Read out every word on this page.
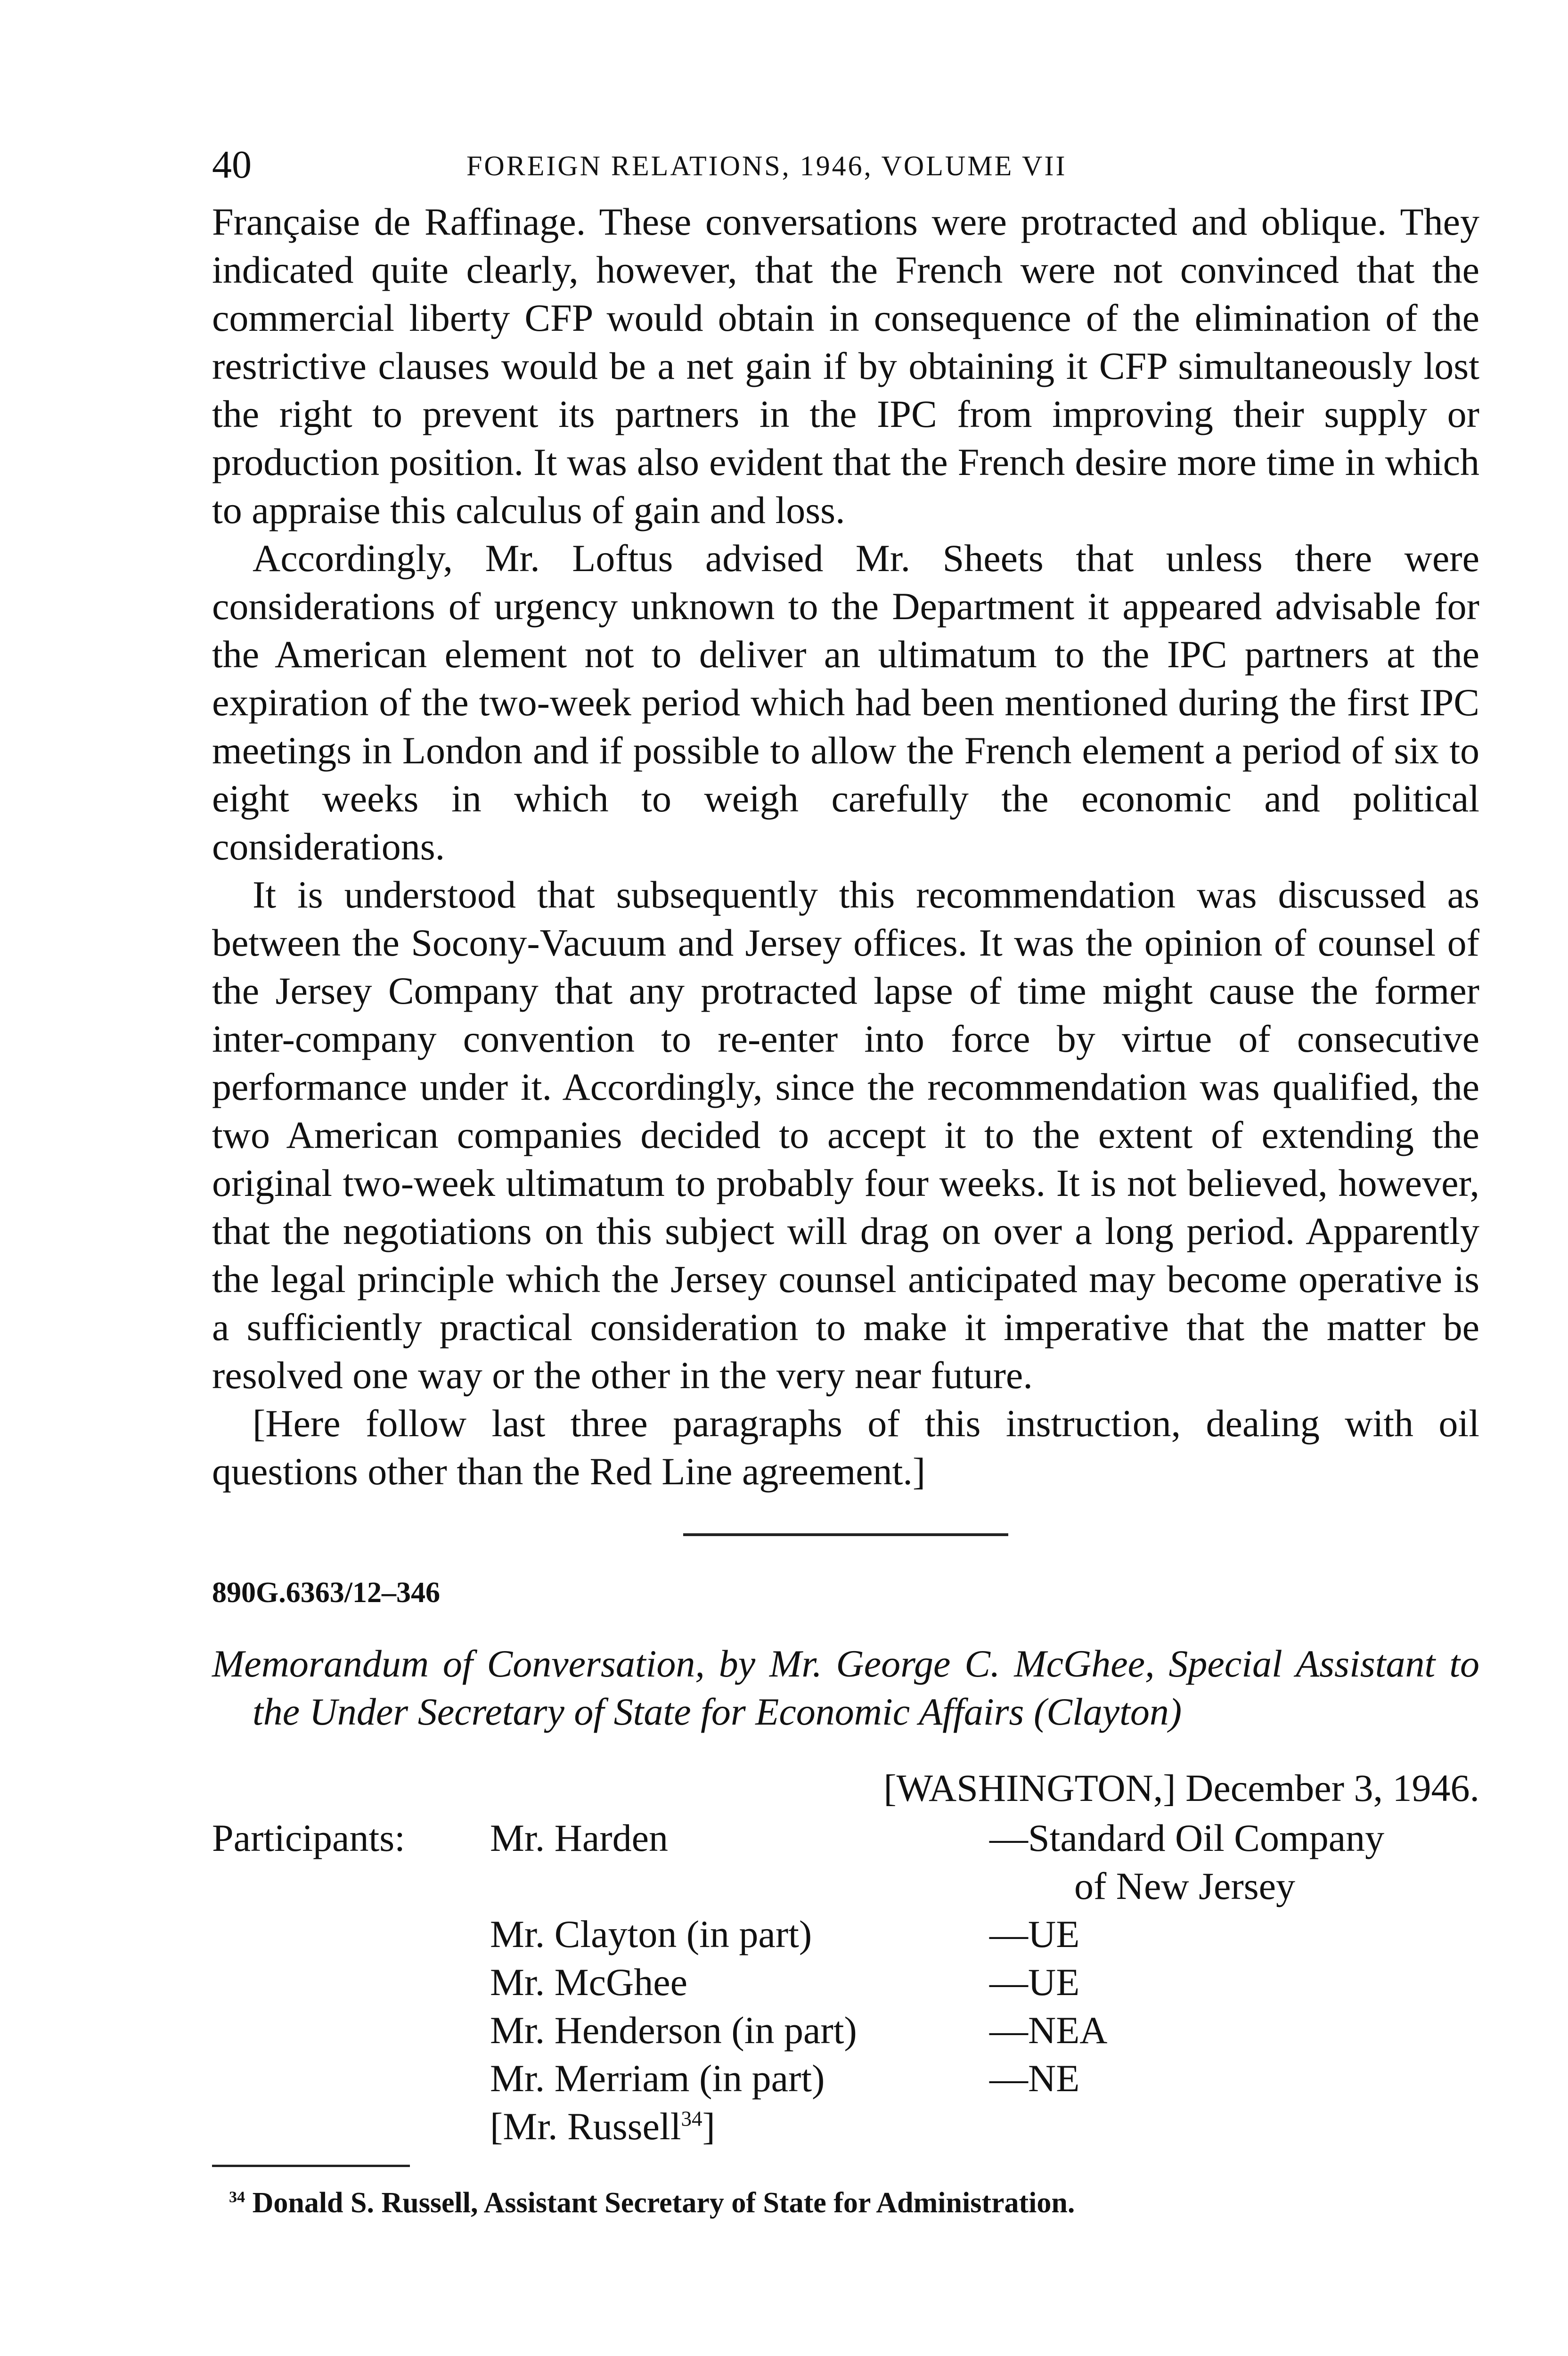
40	FOREIGN RELATIONS, 1946, VOLUME VII

Française de Raffinage. These conversations were protracted and oblique. They indicated quite clearly, however, that the French were not convinced that the commercial liberty CFP would obtain in consequence of the elimination of the restrictive clauses would be a net gain if by obtaining it CFP simultaneously lost the right to prevent its partners in the IPC from improving their supply or production position. It was also evident that the French desire more time in which to appraise this calculus of gain and loss.

Accordingly, Mr. Loftus advised Mr. Sheets that unless there were considerations of urgency unknown to the Department it appeared advisable for the American element not to deliver an ultimatum to the IPC partners at the expiration of the two-week period which had been mentioned during the first IPC meetings in London and if possible to allow the French element a period of six to eight weeks in which to weigh carefully the economic and political considerations.

It is understood that subsequently this recommendation was discussed as between the Socony-Vacuum and Jersey offices. It was the opinion of counsel of the Jersey Company that any protracted lapse of time might cause the former inter-company convention to re-enter into force by virtue of consecutive performance under it. Accordingly, since the recommendation was qualified, the two American companies decided to accept it to the extent of extending the original two-week ultimatum to probably four weeks. It is not believed, however, that the negotiations on this subject will drag on over a long period. Apparently the legal principle which the Jersey counsel anticipated may become operative is a sufficiently practical consideration to make it imperative that the matter be resolved one way or the other in the very near future.

[Here follow last three paragraphs of this instruction, dealing with oil questions other than the Red Line agreement.]

890G.6363/12–346
Memorandum of Conversation, by Mr. George C. McGhee, Special Assistant to the Under Secretary of State for Economic Affairs (Clayton)
[WASHINGTON,] December 3, 1946.
Participants:	Mr. Harden	—Standard Oil Company
of New Jersey
Mr. Clayton (in part)	—UE
Mr. McGhee	—UE
Mr. Henderson (in part)	—NEA
Mr. Merriam (in part)	—NE
[Mr. Russell$^{34}$]
$^{34}$ Donald S. Russell, Assistant Secretary of State for Administration.
